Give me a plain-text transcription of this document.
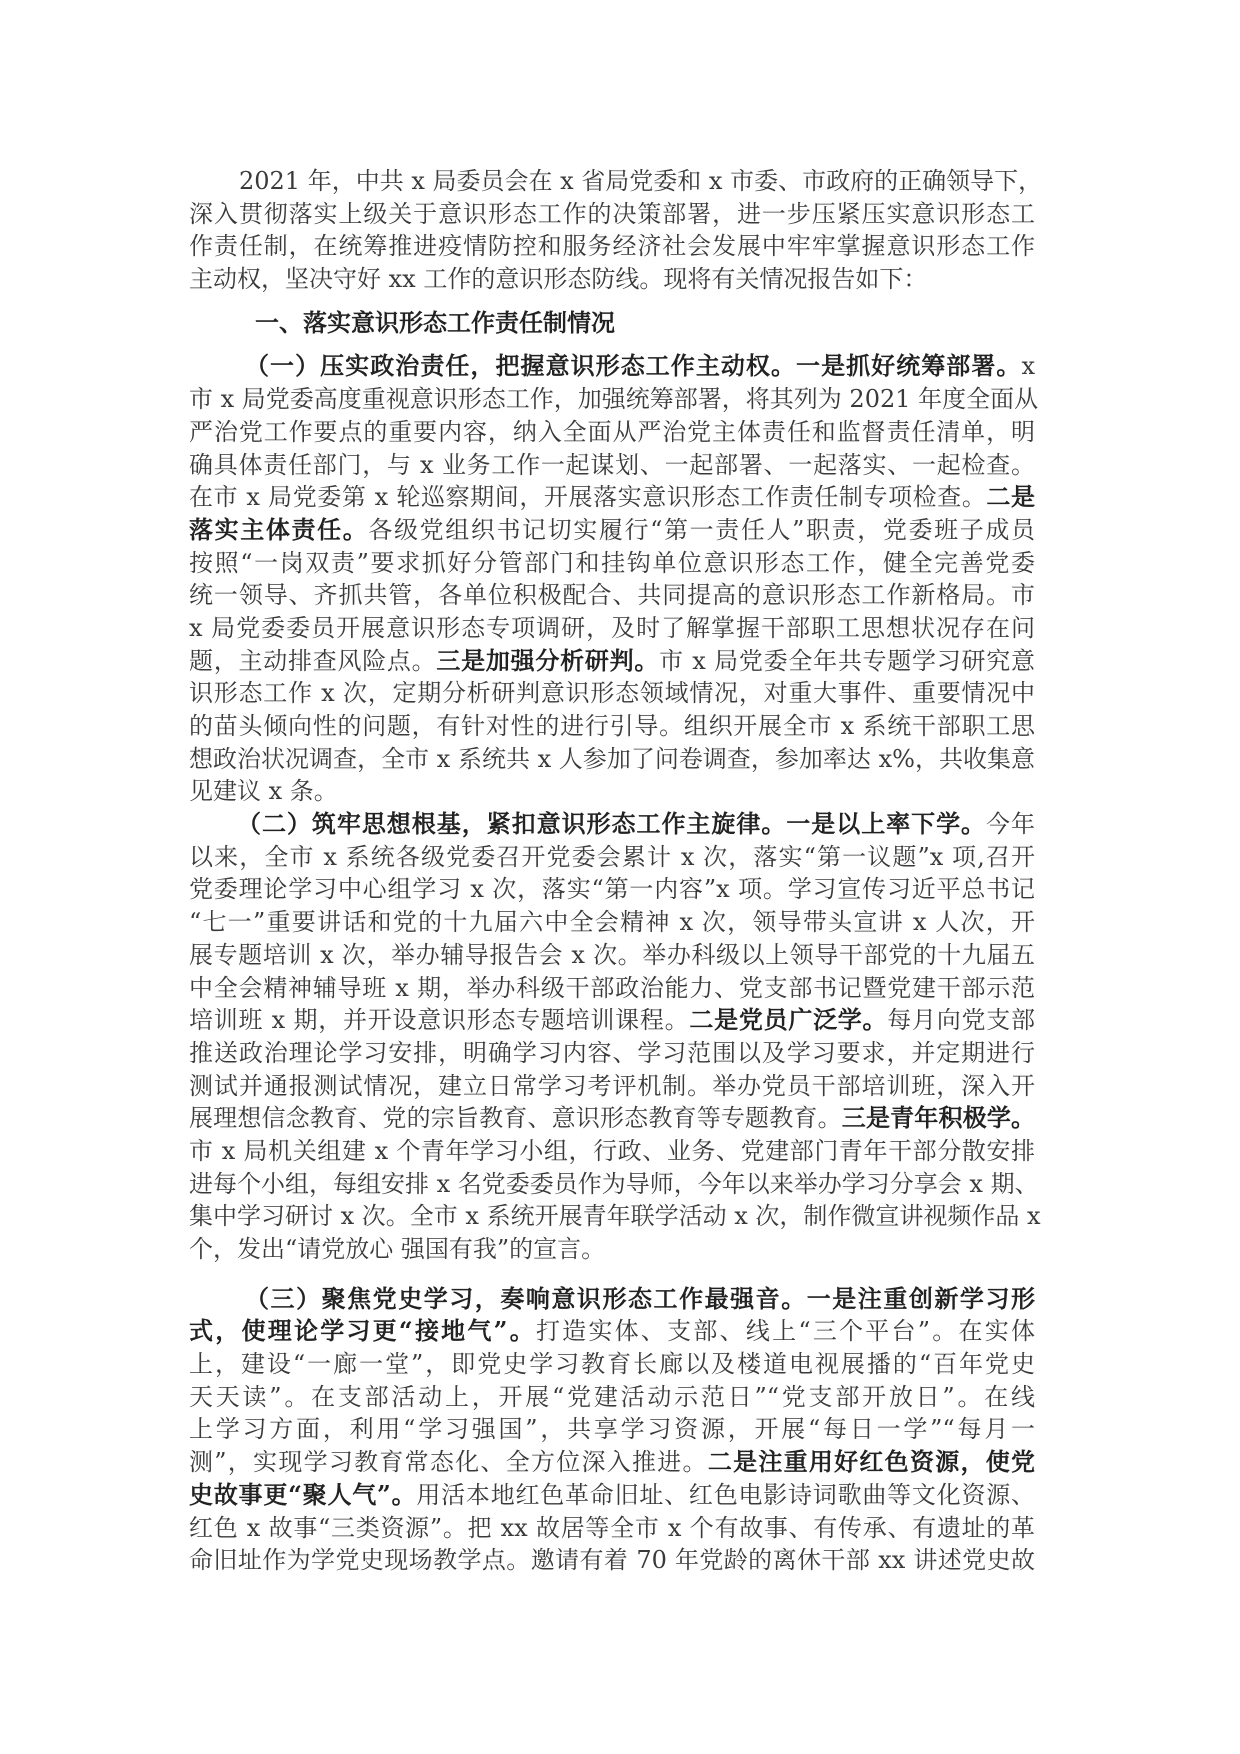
2021 年，中共 x 局委员会在 x 省局党委和 x 市委、市政府的正确领导下，
深入贯彻落实上级关于意识形态工作的决策部署，进一步压紧压实意识形态工
作责任制，在统筹推进疫情防控和服务经济社会发展中牢牢掌握意识形态工作
主动权，坚决守好 xx 工作的意识形态防线。现将有关情况报告如下：
一、落实意识形态工作责任制情况
（一）压实政治责任，把握意识形态工作主动权。一是抓好统筹部署。x
市 x 局党委高度重视意识形态工作，加强统筹部署，将其列为 2021 年度全面从
严治党工作要点的重要内容，纳入全面从严治党主体责任和监督责任清单，明
确具体责任部门，与 x 业务工作一起谋划、一起部署、一起落实、一起检查。
在市 x 局党委第 x 轮巡察期间，开展落实意识形态工作责任制专项检查。二是
落实主体责任。各级党组织书记切实履行“第一责任人”职责，党委班子成员
按照“一岗双责”要求抓好分管部门和挂钩单位意识形态工作，健全完善党委
统一领导、齐抓共管，各单位积极配合、共同提高的意识形态工作新格局。市
x 局党委委员开展意识形态专项调研，及时了解掌握干部职工思想状况存在问
题，主动排查风险点。三是加强分析研判。市 x 局党委全年共专题学习研究意
识形态工作 x 次，定期分析研判意识形态领域情况，对重大事件、重要情况中
的苗头倾向性的问题，有针对性的进行引导。组织开展全市 x 系统干部职工思
想政治状况调查，全市 x 系统共 x 人参加了问卷调查，参加率达 x%，共收集意
见建议 x 条。
（二）筑牢思想根基，紧扣意识形态工作主旋律。一是以上率下学。今年
以来，全市 x 系统各级党委召开党委会累计 x 次，落实“第一议题”x 项,召开
党委理论学习中心组学习 x 次，落实“第一内容”x 项。学习宣传习近平总书记
“七一”重要讲话和党的十九届六中全会精神 x 次，领导带头宣讲 x 人次，开
展专题培训 x 次，举办辅导报告会 x 次。举办科级以上领导干部党的十九届五
中全会精神辅导班 x 期，举办科级干部政治能力、党支部书记暨党建干部示范
培训班 x 期，并开设意识形态专题培训课程。二是党员广泛学。每月向党支部
推送政治理论学习安排，明确学习内容、学习范围以及学习要求，并定期进行
测试并通报测试情况，建立日常学习考评机制。举办党员干部培训班，深入开
展理想信念教育、党的宗旨教育、意识形态教育等专题教育。三是青年积极学。
市 x 局机关组建 x 个青年学习小组，行政、业务、党建部门青年干部分散安排
进每个小组，每组安排 x 名党委委员作为导师，今年以来举办学习分享会 x 期、
集中学习研讨 x 次。全市 x 系统开展青年联学活动 x 次，制作微宣讲视频作品 x
个，发出“请党放心 强国有我”的宣言。
（三）聚焦党史学习，奏响意识形态工作最强音。一是注重创新学习形
式，使理论学习更“接地气”。打造实体、支部、线上“三个平台”。在实体
上，建设“一廊一堂”，即党史学习教育长廊以及楼道电视展播的“百年党史
天天读”。在支部活动上，开展“党建活动示范日”“党支部开放日”。在线
上学习方面，利用“学习强国”，共享学习资源，开展“每日一学”“每月一
测”，实现学习教育常态化、全方位深入推进。二是注重用好红色资源，使党
史故事更“聚人气”。用活本地红色革命旧址、红色电影诗词歌曲等文化资源、
红色 x 故事“三类资源”。把 xx 故居等全市 x 个有故事、有传承、有遗址的革
命旧址作为学党史现场教学点。邀请有着 70 年党龄的离休干部 xx 讲述党史故
